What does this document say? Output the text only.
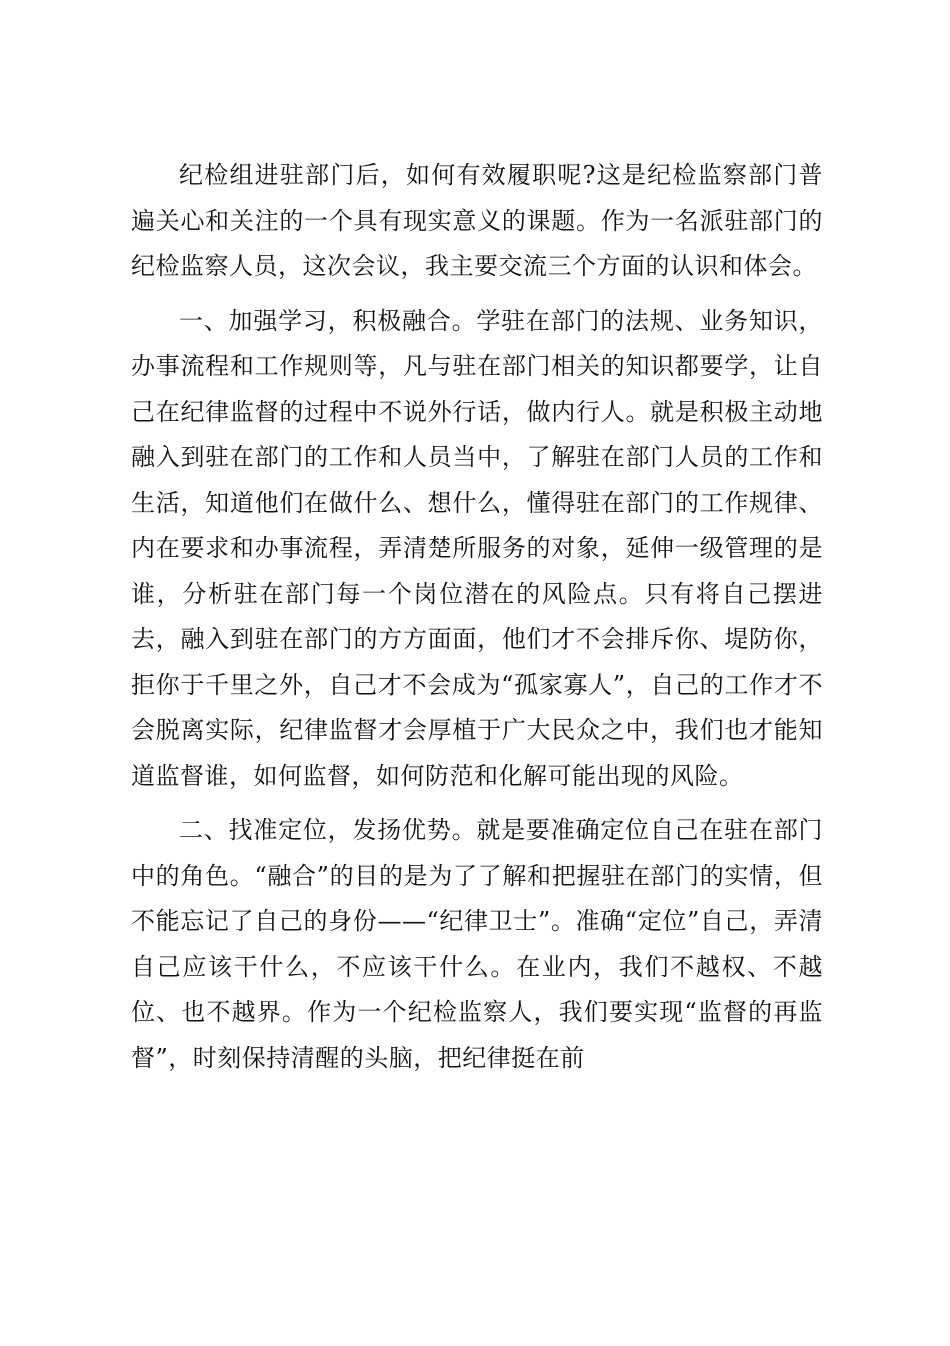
纪检组进驻部门后，如何有效履职呢?这是纪检监察部门普遍关心和关注的一个具有现实意义的课题。作为一名派驻部门的纪检监察人员，这次会议，我主要交流三个方面的认识和体会。

一、加强学习，积极融合。学驻在部门的法规、业务知识，办事流程和工作规则等，凡与驻在部门相关的知识都要学，让自己在纪律监督的过程中不说外行话，做内行人。就是积极主动地融入到驻在部门的工作和人员当中，了解驻在部门人员的工作和生活，知道他们在做什么、想什么，懂得驻在部门的工作规律、内在要求和办事流程，弄清楚所服务的对象，延伸一级管理的是谁，分析驻在部门每一个岗位潜在的风险点。只有将自己摆进去，融入到驻在部门的方方面面，他们才不会排斥你、堤防你，拒你于千里之外，自己才不会成为“孤家寡人”，自己的工作才不会脱离实际，纪律监督才会厚植于广大民众之中，我们也才能知道监督谁，如何监督，如何防范和化解可能出现的风险。

二、找准定位，发扬优势。就是要准确定位自己在驻在部门中的角色。“融合”的目的是为了了解和把握驻在部门的实情，但不能忘记了自己的身份——“纪律卫士”。准确“定位”自己，弄清自己应该干什么，不应该干什么。在业内，我们不越权、不越位、也不越界。作为一个纪检监察人，我们要实现“监督的再监督”，时刻保持清醒的头脑，把纪律挺在前
